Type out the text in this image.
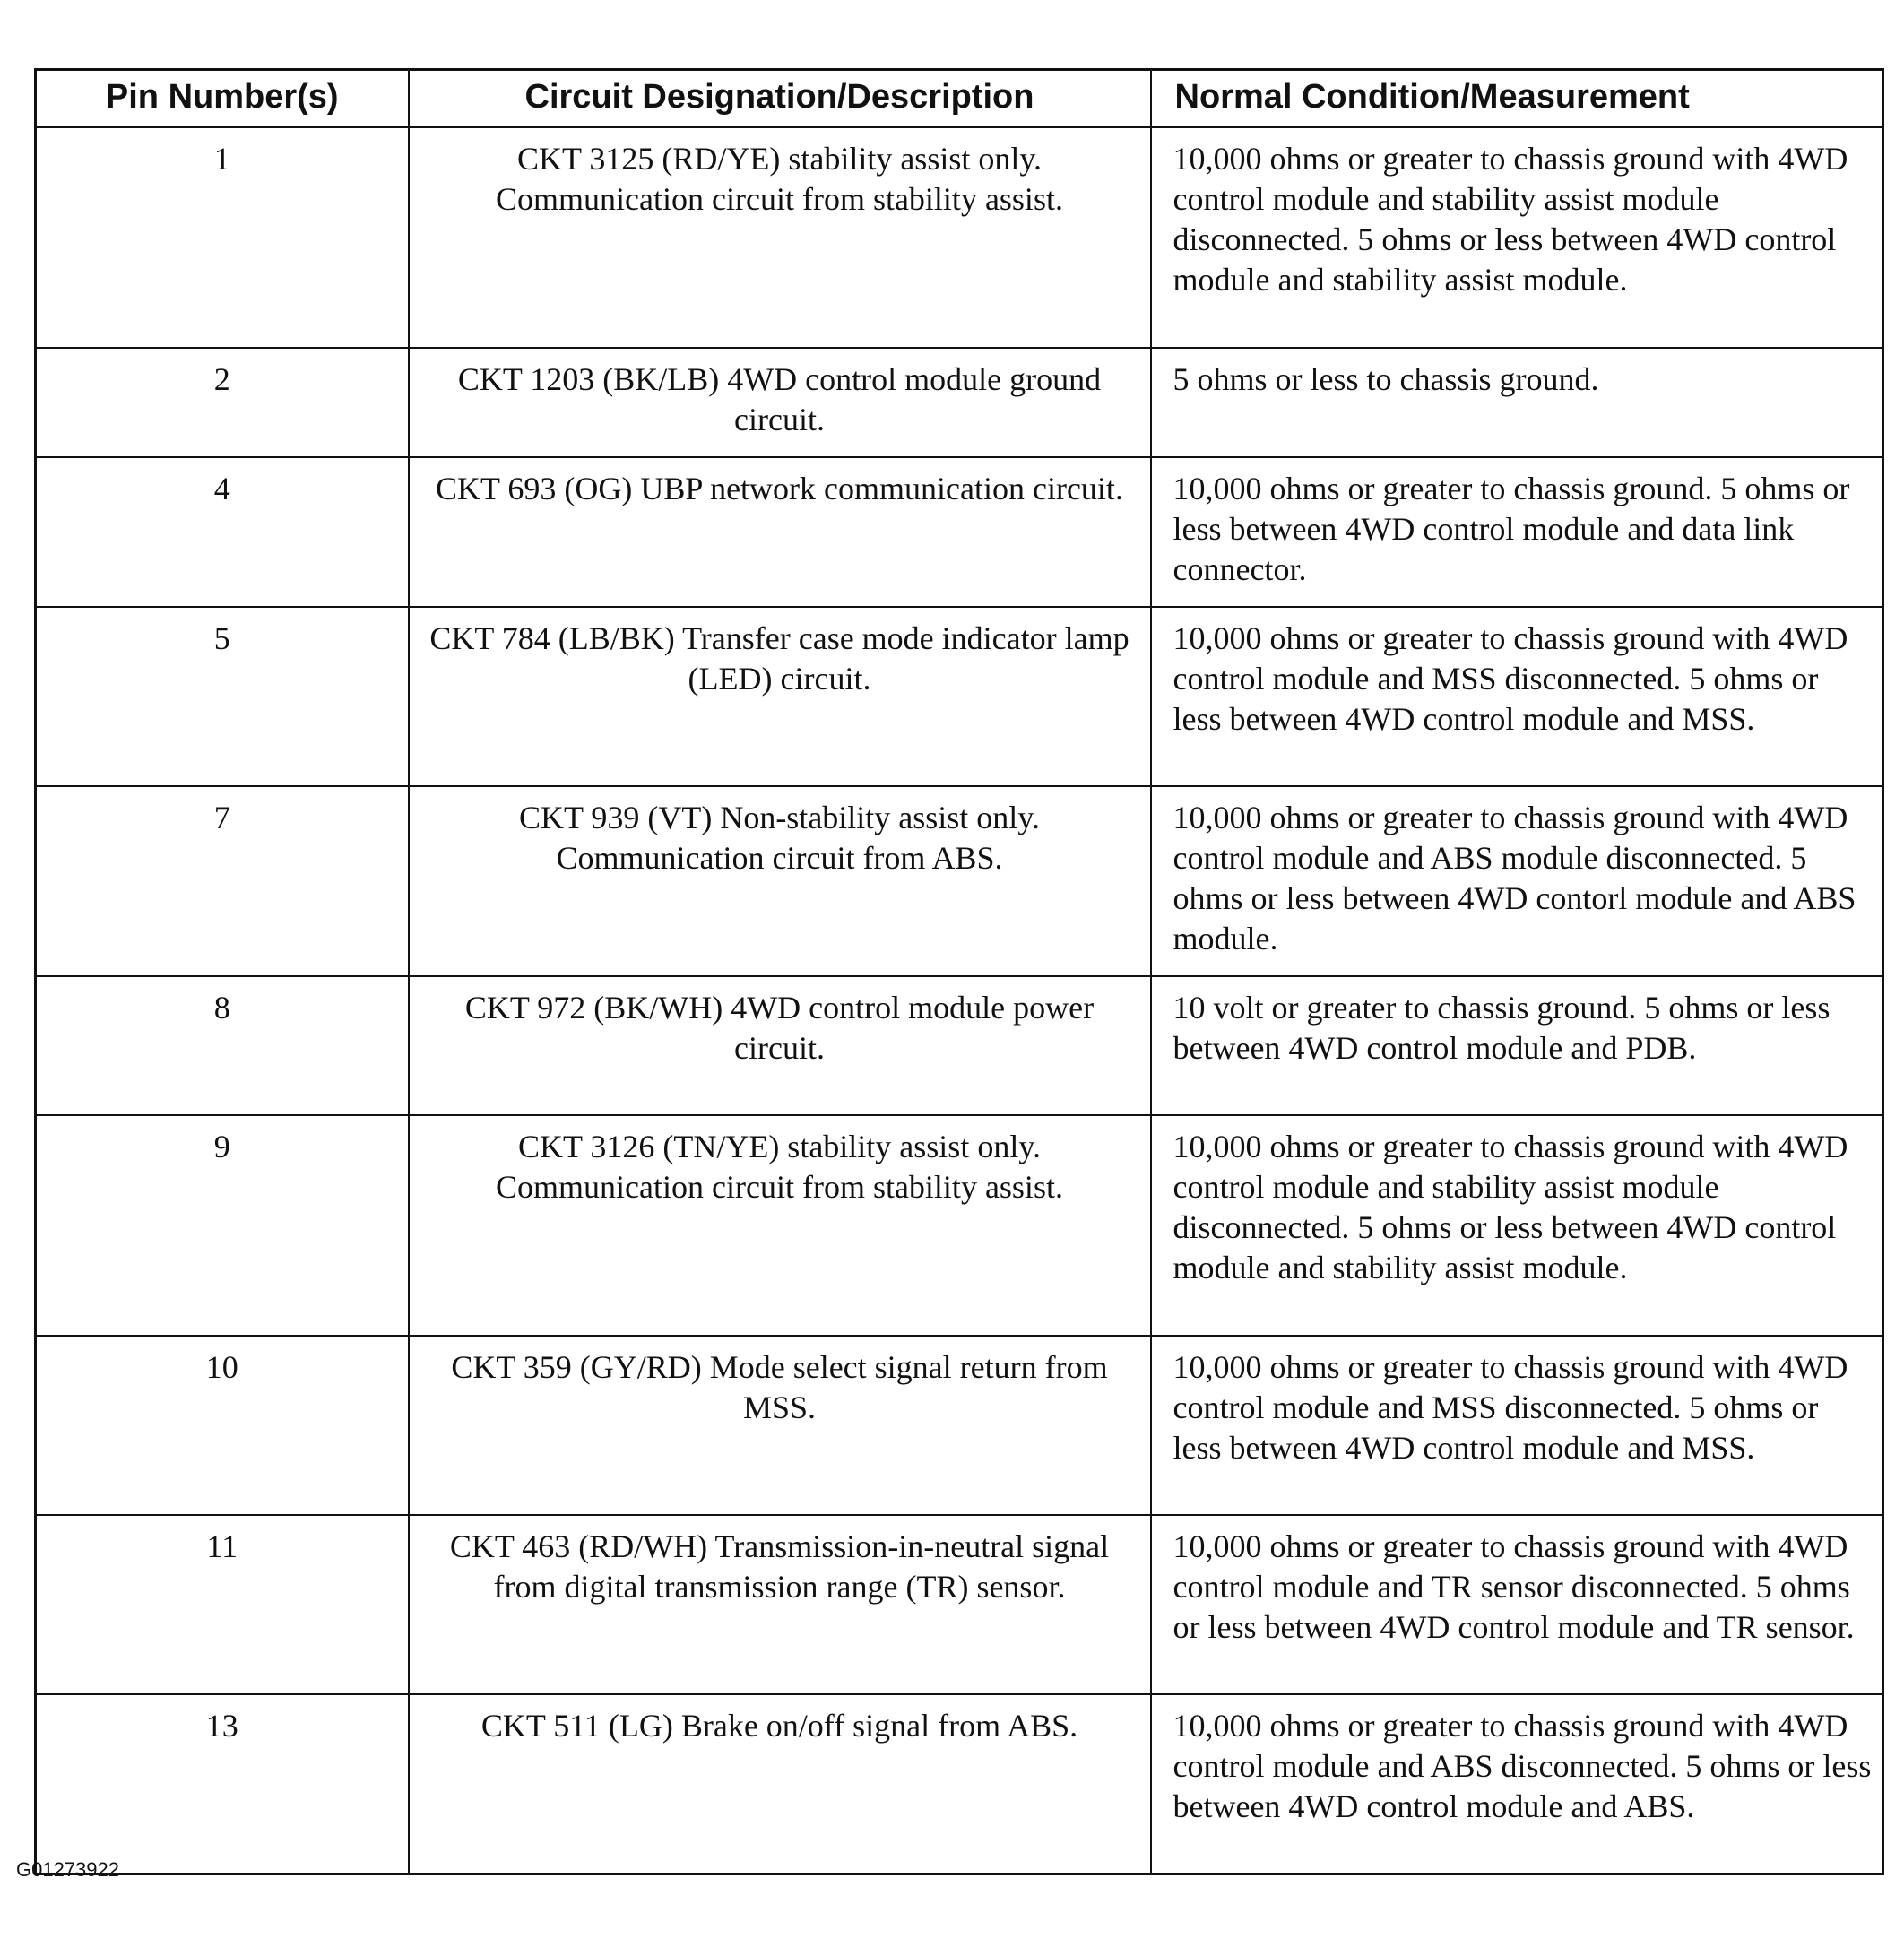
Pin Number(s)	Circuit Designation/Description	Normal Condition/Measurement
1	CKT 3125 (RD/YE) stability assist only. Communication circuit from stability assist.	10,000 ohms or greater to chassis ground with 4WD control module and stability assist module disconnected. 5 ohms or less between 4WD control module and stability assist module.
2	CKT 1203 (BK/LB) 4WD control module ground circuit.	5 ohms or less to chassis ground.
4	CKT 693 (OG) UBP network communication circuit.	10,000 ohms or greater to chassis ground. 5 ohms or less between 4WD control module and data link connector.
5	CKT 784 (LB/BK) Transfer case mode indicator lamp (LED) circuit.	10,000 ohms or greater to chassis ground with 4WD control module and MSS disconnected. 5 ohms or less between 4WD control module and MSS.
7	CKT 939 (VT) Non-stability assist only. Communication circuit from ABS.	10,000 ohms or greater to chassis ground with 4WD control module and ABS module disconnected. 5 ohms or less between 4WD contorl module and ABS module.
8	CKT 972 (BK/WH) 4WD control module power circuit.	10 volt or greater to chassis ground. 5 ohms or less between 4WD control module and PDB.
9	CKT 3126 (TN/YE) stability assist only. Communication circuit from stability assist.	10,000 ohms or greater to chassis ground with 4WD control module and stability assist module disconnected. 5 ohms or less between 4WD control module and stability assist module.
10	CKT 359 (GY/RD) Mode select signal return from MSS.	10,000 ohms or greater to chassis ground with 4WD control module and MSS disconnected. 5 ohms or less between 4WD control module and MSS.
11	CKT 463 (RD/WH) Transmission-in-neutral signal from digital transmission range (TR) sensor.	10,000 ohms or greater to chassis ground with 4WD control module and TR sensor disconnected. 5 ohms or less between 4WD control module and TR sensor.
13	CKT 511 (LG) Brake on/off signal from ABS.	10,000 ohms or greater to chassis ground with 4WD control module and ABS disconnected. 5 ohms or less between 4WD control module and ABS.
G01273922
